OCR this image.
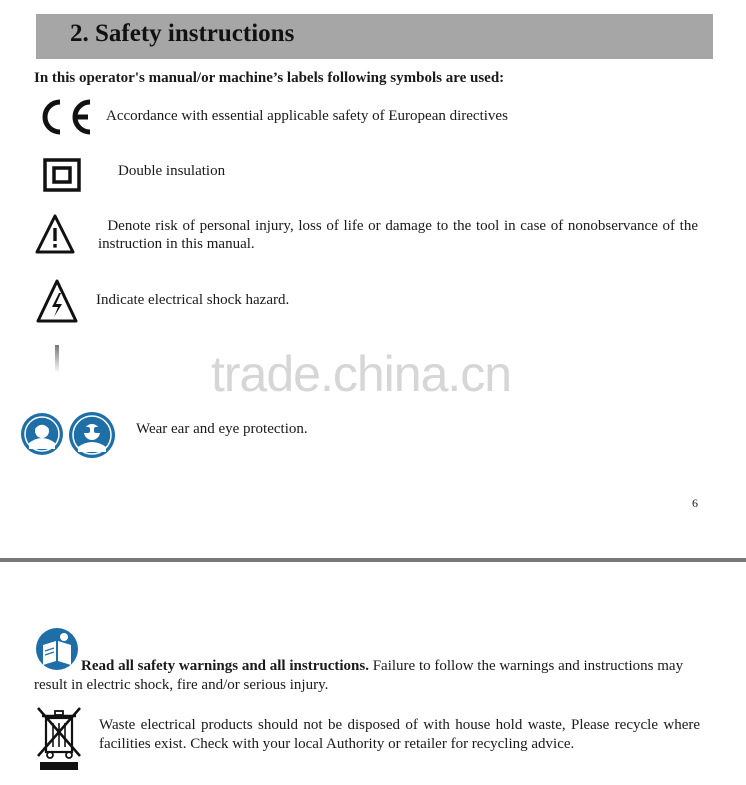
2. Safety instructions
In this operator's manual/or machine’s labels following symbols are used:
Accordance with essential applicable safety of European directives
Double insulation
Denote risk of personal injury, loss of life or damage to the tool in case of nonobservance of the instruction in this manual.
Indicate electrical shock hazard.
trade.china.cn
Wear ear and eye protection.
6
Read all safety warnings and all instructions. Failure to follow the warnings and instructions may result in electric shock, fire and/or serious injury.
Waste electrical products should not be disposed of with house hold waste, Please recycle where facilities exist. Check with your local Authority or retailer for recycling advice.
